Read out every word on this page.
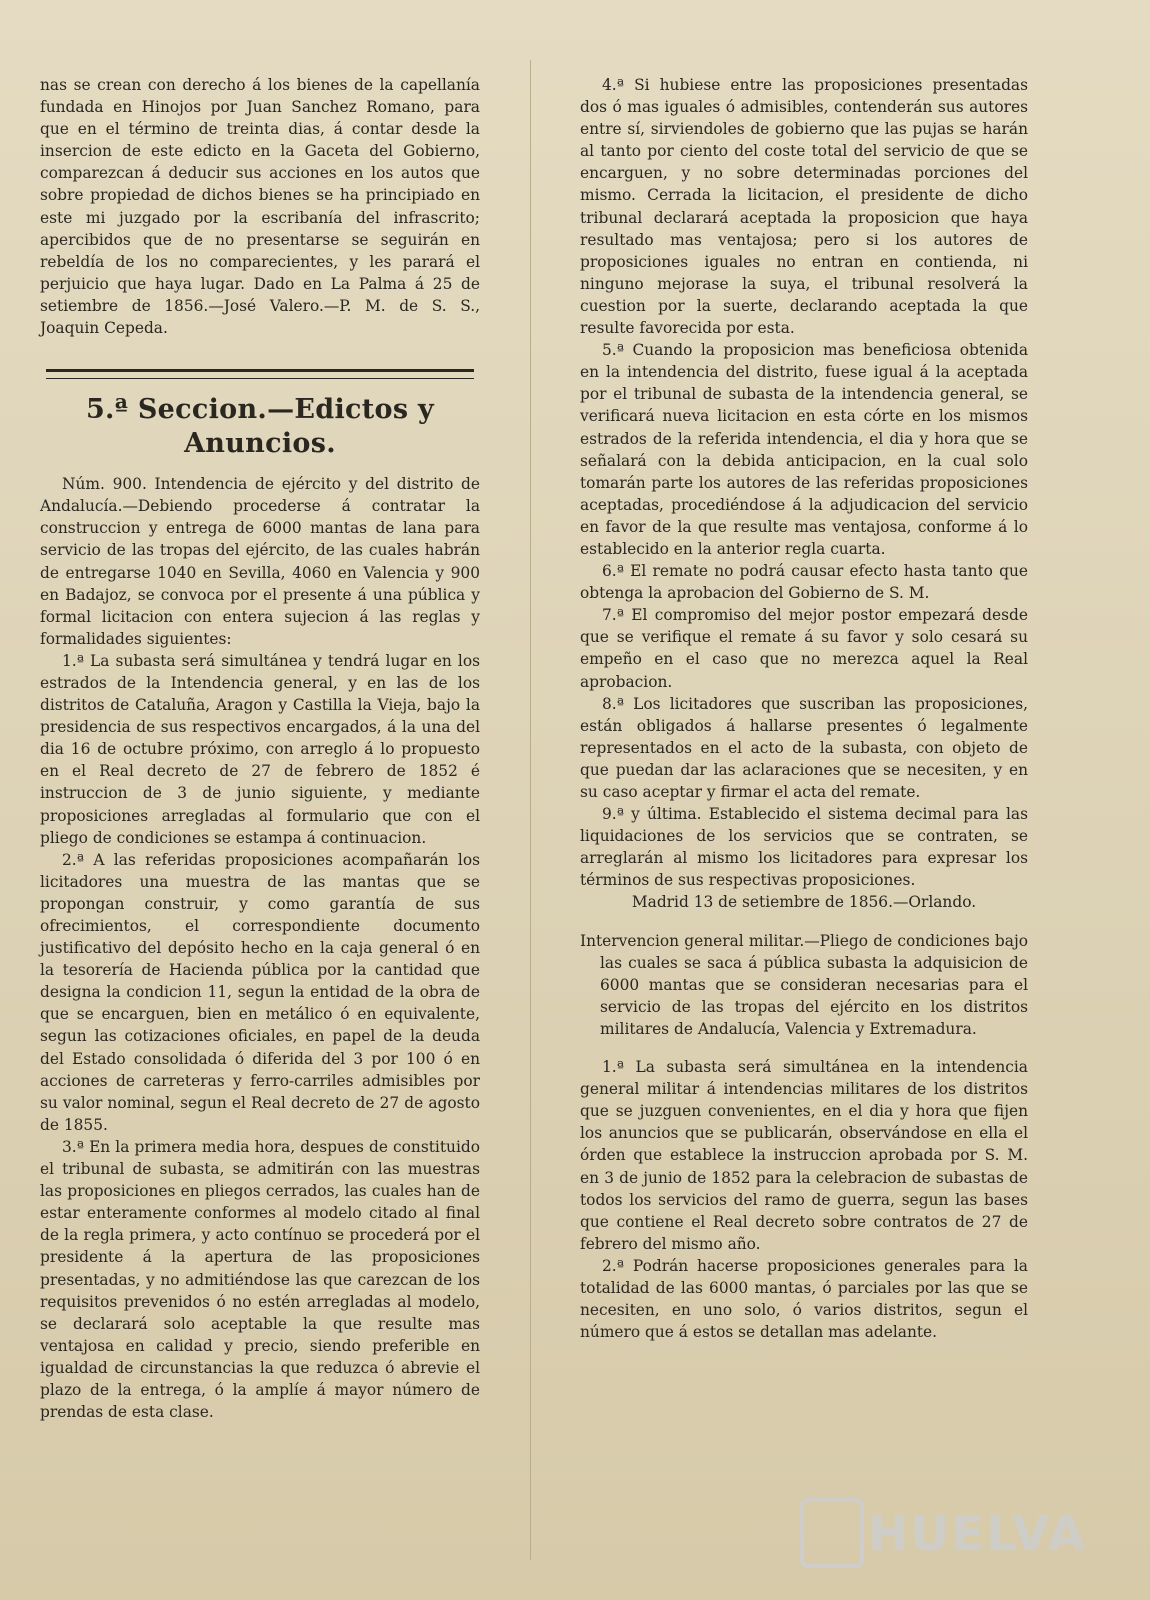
nas se crean con derecho á los bienes de la capellanía fundada en Hinojos por Juan Sanchez Romano, para que en el término de treinta dias, á contar desde la insercion de este edicto en la Gaceta del Gobierno, comparezcan á deducir sus acciones en los autos que sobre propiedad de dichos bienes se ha principiado en este mi juzgado por la escribanía del infrascrito; apercibidos que de no presentarse se seguirán en rebeldía de los no comparecientes, y les parará el perjuicio que haya lugar. Dado en La Palma á 25 de setiembre de 1856.—José Valero.—P. M. de S. S., Joaquin Cepeda.

5.ª Seccion.—Edictos y Anuncios.

Núm. 900. Intendencia de ejército y del distrito de Andalucía.—Debiendo procederse á contratar la construccion y entrega de 6000 mantas de lana para servicio de las tropas del ejército, de las cuales habrán de entregarse 1040 en Sevilla, 4060 en Valencia y 900 en Badajoz, se convoca por el presente á una pública y formal licitacion con entera sujecion á las reglas y formalidades siguientes:

1.ª La subasta será simultánea y tendrá lugar en los estrados de la Intendencia general, y en las de los distritos de Cataluña, Aragon y Castilla la Vieja, bajo la presidencia de sus respectivos encargados, á la una del dia 16 de octubre próximo, con arreglo á lo propuesto en el Real decreto de 27 de febrero de 1852 é instruccion de 3 de junio siguiente, y mediante proposiciones arregladas al formulario que con el pliego de condiciones se estampa á continuacion.

2.ª A las referidas proposiciones acompañarán los licitadores una muestra de las mantas que se propongan construir, y como garantía de sus ofrecimientos, el correspondiente documento justificativo del depósito hecho en la caja general ó en la tesorería de Hacienda pública por la cantidad que designa la condicion 11, segun la entidad de la obra de que se encarguen, bien en metálico ó en equivalente, segun las cotizaciones oficiales, en papel de la deuda del Estado consolidada ó diferida del 3 por 100 ó en acciones de carreteras y ferro-carriles admisibles por su valor nominal, segun el Real decreto de 27 de agosto de 1855.

3.ª En la primera media hora, despues de constituido el tribunal de subasta, se admitirán con las muestras las proposiciones en pliegos cerrados, las cuales han de estar enteramente conformes al modelo citado al final de la regla primera, y acto contínuo se procederá por el presidente á la apertura de las proposiciones presentadas, y no admitiéndose las que carezcan de los requisitos prevenidos ó no estén arregladas al modelo, se declarará solo aceptable la que resulte mas ventajosa en calidad y precio, siendo preferible en igualdad de circunstancias la que reduzca ó abrevie el plazo de la entrega, ó la amplíe á mayor número de prendas de esta clase.

4.ª Si hubiese entre las proposiciones presentadas dos ó mas iguales ó admisibles, contenderán sus autores entre sí, sirviendoles de gobierno que las pujas se harán al tanto por ciento del coste total del servicio de que se encarguen, y no sobre determinadas porciones del mismo. Cerrada la licitacion, el presidente de dicho tribunal declarará aceptada la proposicion que haya resultado mas ventajosa; pero si los autores de proposiciones iguales no entran en contienda, ni ninguno mejorase la suya, el tribunal resolverá la cuestion por la suerte, declarando aceptada la que resulte favorecida por esta.

5.ª Cuando la proposicion mas beneficiosa obtenida en la intendencia del distrito, fuese igual á la aceptada por el tribunal de subasta de la intendencia general, se verificará nueva licitacion en esta córte en los mismos estrados de la referida intendencia, el dia y hora que se señalará con la debida anticipacion, en la cual solo tomarán parte los autores de las referidas proposiciones aceptadas, procediéndose á la adjudicacion del servicio en favor de la que resulte mas ventajosa, conforme á lo establecido en la anterior regla cuarta.

6.ª El remate no podrá causar efecto hasta tanto que obtenga la aprobacion del Gobierno de S. M.

7.ª El compromiso del mejor postor empezará desde que se verifique el remate á su favor y solo cesará su empeño en el caso que no merezca aquel la Real aprobacion.

8.ª Los licitadores que suscriban las proposiciones, están obligados á hallarse presentes ó legalmente representados en el acto de la subasta, con objeto de que puedan dar las aclaraciones que se necesiten, y en su caso aceptar y firmar el acta del remate.

9.ª y última. Establecido el sistema decimal para las liquidaciones de los servicios que se contraten, se arreglarán al mismo los licitadores para expresar los términos de sus respectivas proposiciones.

Madrid 13 de setiembre de 1856.—Orlando.

Intervencion general militar.—Pliego de condiciones bajo las cuales se saca á pública subasta la adquisicion de 6000 mantas que se consideran necesarias para el servicio de las tropas del ejército en los distritos militares de Andalucía, Valencia y Extremadura.

1.ª La subasta será simultánea en la intendencia general militar á intendencias militares de los distritos que se juzguen convenientes, en el dia y hora que fijen los anuncios que se publicarán, observándose en ella el órden que establece la instruccion aprobada por S. M. en 3 de junio de 1852 para la celebracion de subastas de todos los servicios del ramo de guerra, segun las bases que contiene el Real decreto sobre contratos de 27 de febrero del mismo año.

2.ª Podrán hacerse proposiciones generales para la totalidad de las 6000 mantas, ó parciales por las que se necesiten, en uno solo, ó varios distritos, segun el número que á estos se detallan mas adelante.

HUELVA
